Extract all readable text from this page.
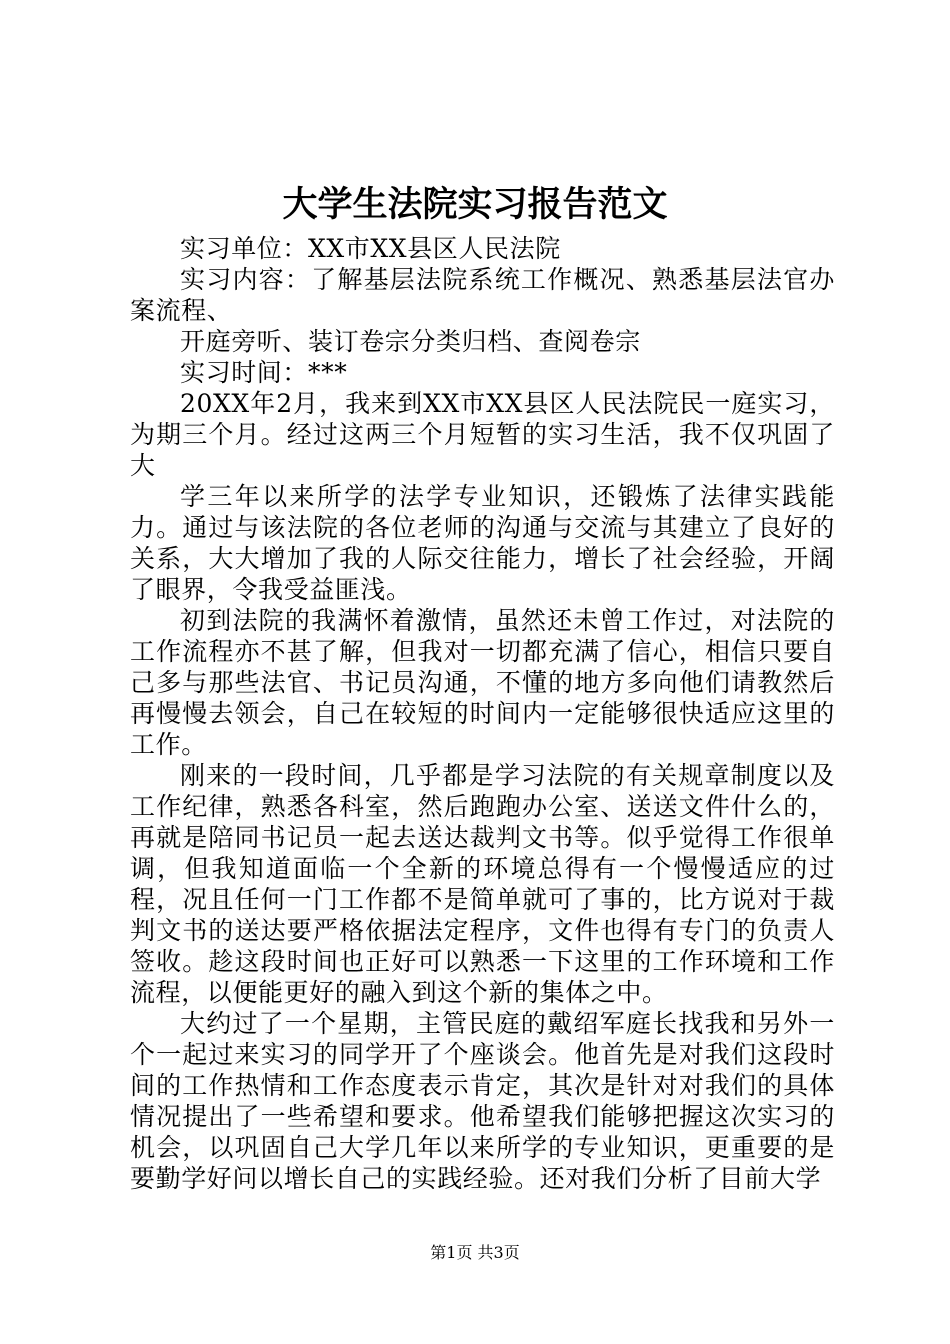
大学生法院实习报告范文

实习单位：XX市XX县区人民法院

实习内容：了解基层法院系统工作概况、熟悉基层法官办案流程、

开庭旁听、装订卷宗分类归档、查阅卷宗

实习时间：***

20XX年2月，我来到XX市XX县区人民法院民一庭实习，为期三个月。经过这两三个月短暂的实习生活，我不仅巩固了大

学三年以来所学的法学专业知识，还锻炼了法律实践能力。通过与该法院的各位老师的沟通与交流与其建立了良好的关系，大大增加了我的人际交往能力，增长了社会经验，开阔了眼界，令我受益匪浅。

初到法院的我满怀着激情，虽然还未曾工作过，对法院的工作流程亦不甚了解，但我对一切都充满了信心，相信只要自己多与那些法官、书记员沟通，不懂的地方多向他们请教然后再慢慢去领会，自己在较短的时间内一定能够很快适应这里的工作。

刚来的一段时间，几乎都是学习法院的有关规章制度以及工作纪律，熟悉各科室，然后跑跑办公室、送送文件什么的，再就是陪同书记员一起去送达裁判文书等。似乎觉得工作很单调，但我知道面临一个全新的环境总得有一个慢慢适应的过程，况且任何一门工作都不是简单就可了事的，比方说对于裁判文书的送达要严格依据法定程序，文件也得有专门的负责人签收。趁这段时间也正好可以熟悉一下这里的工作环境和工作流程，以便能更好的融入到这个新的集体之中。

大约过了一个星期，主管民庭的戴绍军庭长找我和另外一个一起过来实习的同学开了个座谈会。他首先是对我们这段时间的工作热情和工作态度表示肯定，其次是针对对我们的具体情况提出了一些希望和要求。他希望我们能够把握这次实习的机会，以巩固自己大学几年以来所学的专业知识，更重要的是要勤学好问以增长自己的实践经验。还对我们分析了目前大学

第1页 共3页
